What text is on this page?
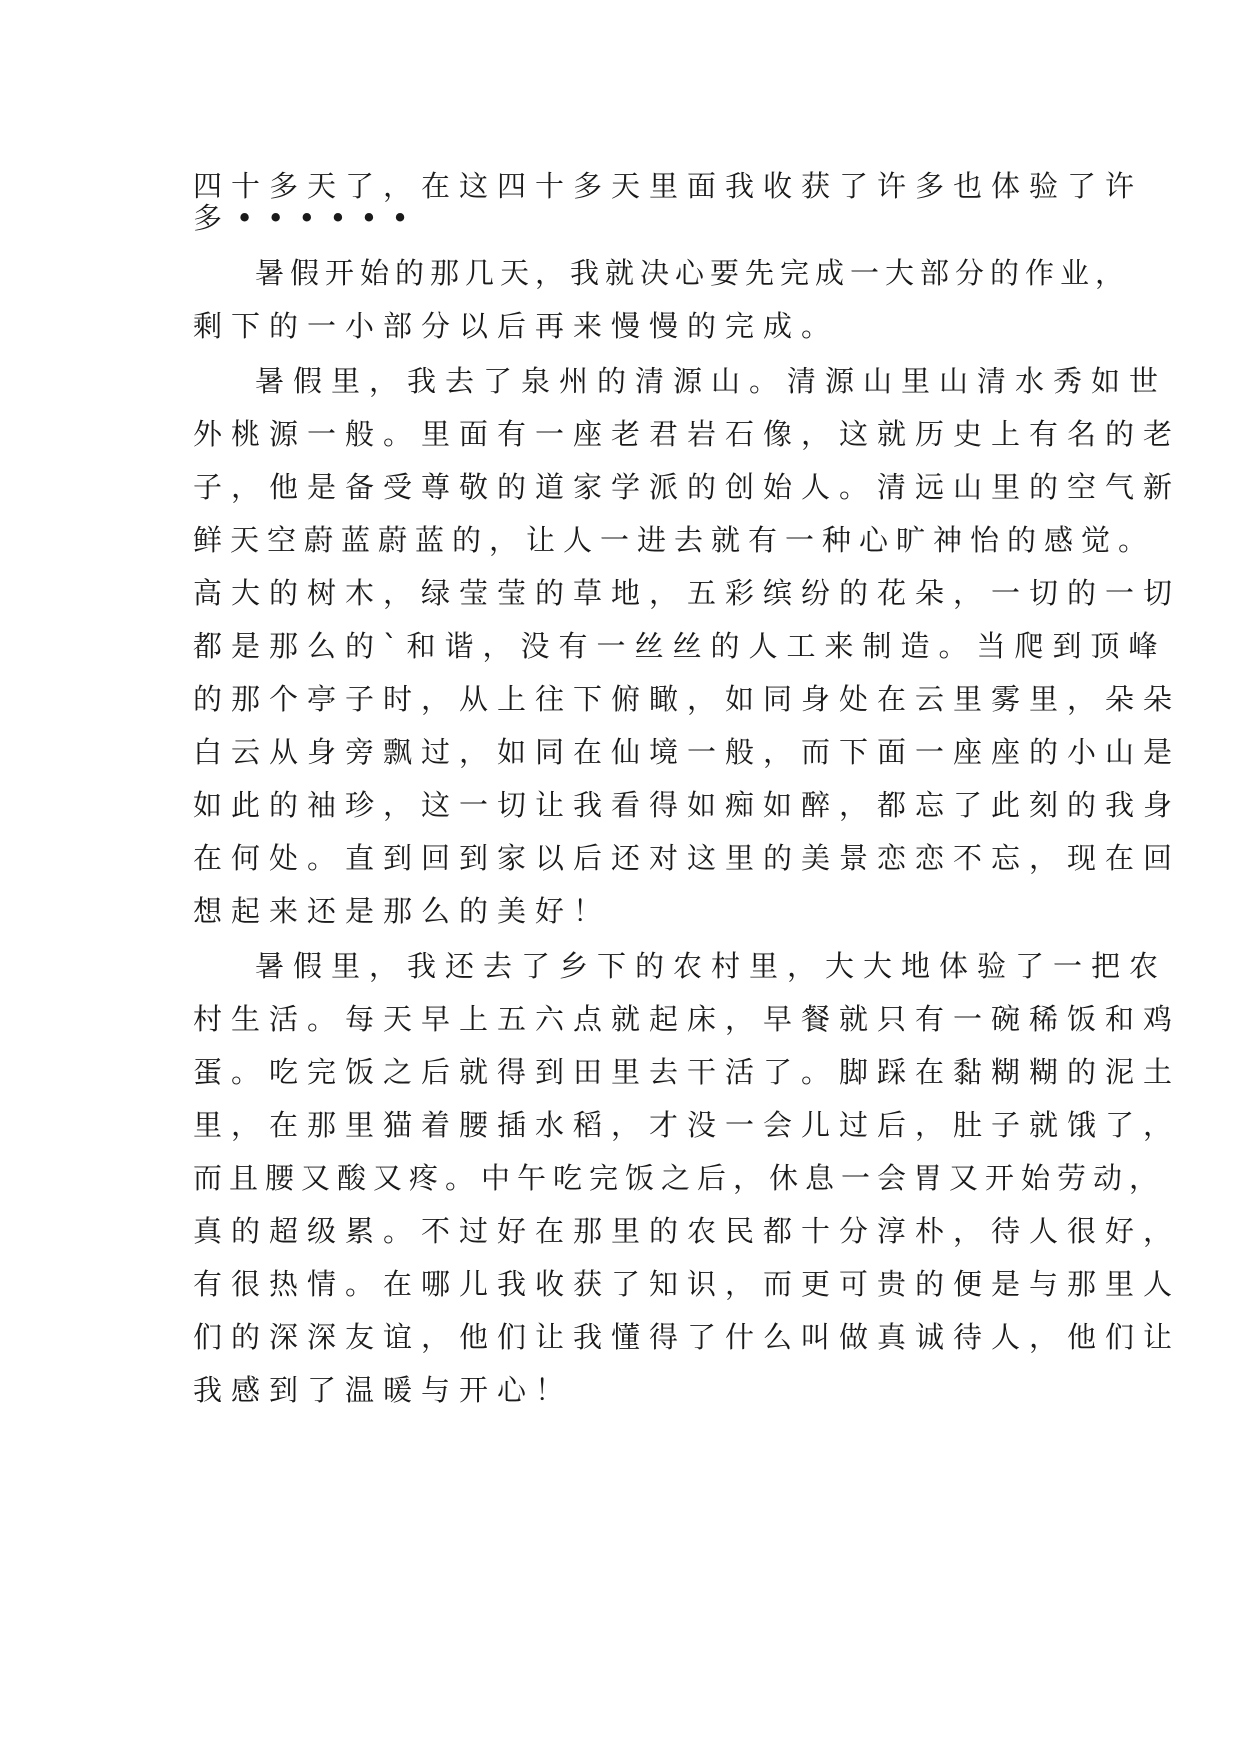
四十多天了，在这四十多天里面我收获了许多也体验了许

多••••••

暑假开始的那几天，我就决心要先完成一大部分的作业，

剩下的一小部分以后再来慢慢的完成。

暑假里，我去了泉州的清源山。清源山里山清水秀如世

外桃源一般。里面有一座老君岩石像，这就历史上有名的老

子，他是备受尊敬的道家学派的创始人。清远山里的空气新

鲜天空蔚蓝蔚蓝的，让人一进去就有一种心旷神怡的感觉。

高大的树木，绿莹莹的草地，五彩缤纷的花朵，一切的一切

都是那么的`和谐，没有一丝丝的人工来制造。当爬到顶峰

的那个亭子时，从上往下俯瞰，如同身处在云里雾里，朵朵

白云从身旁飘过，如同在仙境一般，而下面一座座的小山是

如此的袖珍，这一切让我看得如痴如醉，都忘了此刻的我身

在何处。直到回到家以后还对这里的美景恋恋不忘，现在回

想起来还是那么的美好！

暑假里，我还去了乡下的农村里，大大地体验了一把农

村生活。每天早上五六点就起床，早餐就只有一碗稀饭和鸡

蛋。吃完饭之后就得到田里去干活了。脚踩在黏糊糊的泥土

里，在那里猫着腰插水稻，才没一会儿过后，肚子就饿了，

而且腰又酸又疼。中午吃完饭之后，休息一会胃又开始劳动，

真的超级累。不过好在那里的农民都十分淳朴，待人很好，

有很热情。在哪儿我收获了知识，而更可贵的便是与那里人

们的深深友谊，他们让我懂得了什么叫做真诚待人，他们让

我感到了温暖与开心！
